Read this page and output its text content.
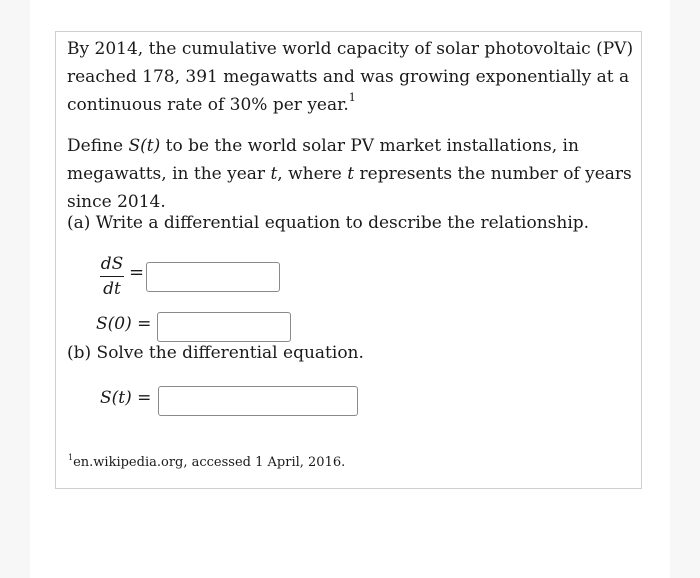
By 2014, the cumulative world capacity of solar photovoltaic (PV)
reached 178, 391 megawatts and was growing exponentially at a
continuous rate of 30% per year.$^1$

Define S(t) to be the world solar PV market installations, in megawatts, in the year t, where t represents the number of years since 2014.

(a) Write a differential equation to describe the relationship.

dS
dt
=
S(0) =

(b) Solve the differential equation.

S(t) =
$^1$en.wikipedia.org, accessed 1 April, 2016.
